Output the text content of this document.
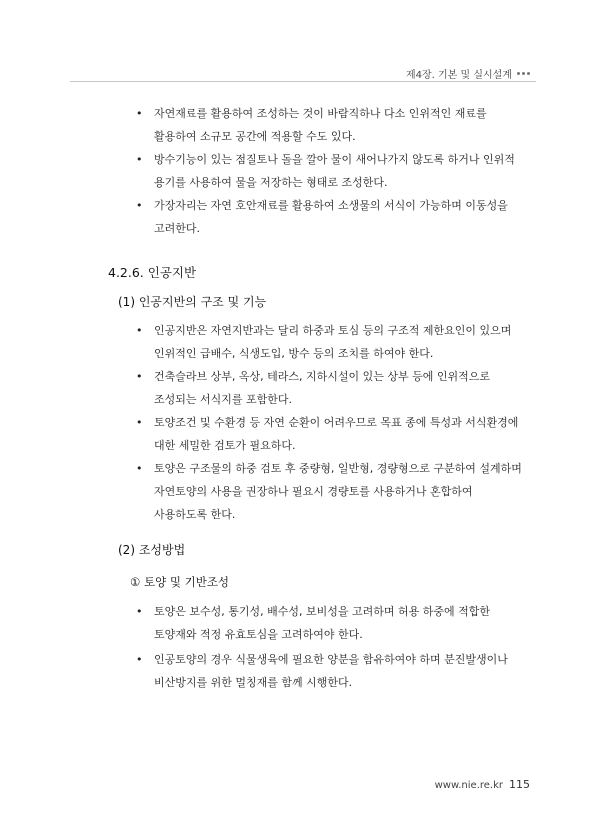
제4장. 기본 및 실시설계
• 자연재료를 활용하여 조성하는 것이 바람직하나 다소 인위적인 재료를
활용하여 소규모 공간에 적용할 수도 있다.
• 방수기능이 있는 점질토나 돌을 깔아 물이 새어나가지 않도록 하거나 인위적
용기를 사용하여 물을 저장하는 형태로 조성한다.
• 가장자리는 자연 호안재료를 활용하여 소생물의 서식이 가능하며 이동성을
고려한다.
4.2.6. 인공지반
(1) 인공지반의 구조 및 기능
• 인공지반은 자연지반과는 달리 하중과 토심 등의 구조적 제한요인이 있으며
인위적인 급배수, 식생도입, 방수 등의 조치를 하여야 한다.
• 건축슬라브 상부, 옥상, 테라스, 지하시설이 있는 상부 등에 인위적으로
조성되는 서식지를 포함한다.
• 토양조건 및 수환경 등 자연 순환이 어려우므로 목표 종에 특성과 서식환경에
대한 세밀한 검토가 필요하다.
• 토양은 구조물의 하중 검토 후 중량형, 일반형, 경량형으로 구분하여 설계하며
자연토양의 사용을 권장하나 필요시 경량토를 사용하거나 혼합하여
사용하도록 한다.
(2) 조성방법
① 토양 및 기반조성
• 토양은 보수성, 통기성, 배수성, 보비성을 고려하며 허용 하중에 적합한
토양재와 적정 유효토심을 고려하여야 한다.
• 인공토양의 경우 식물생육에 필요한 양분을 함유하여야 하며 분진발생이나
비산방지를 위한 멀칭재를 함께 시행한다.
www.nie.re.kr 115
